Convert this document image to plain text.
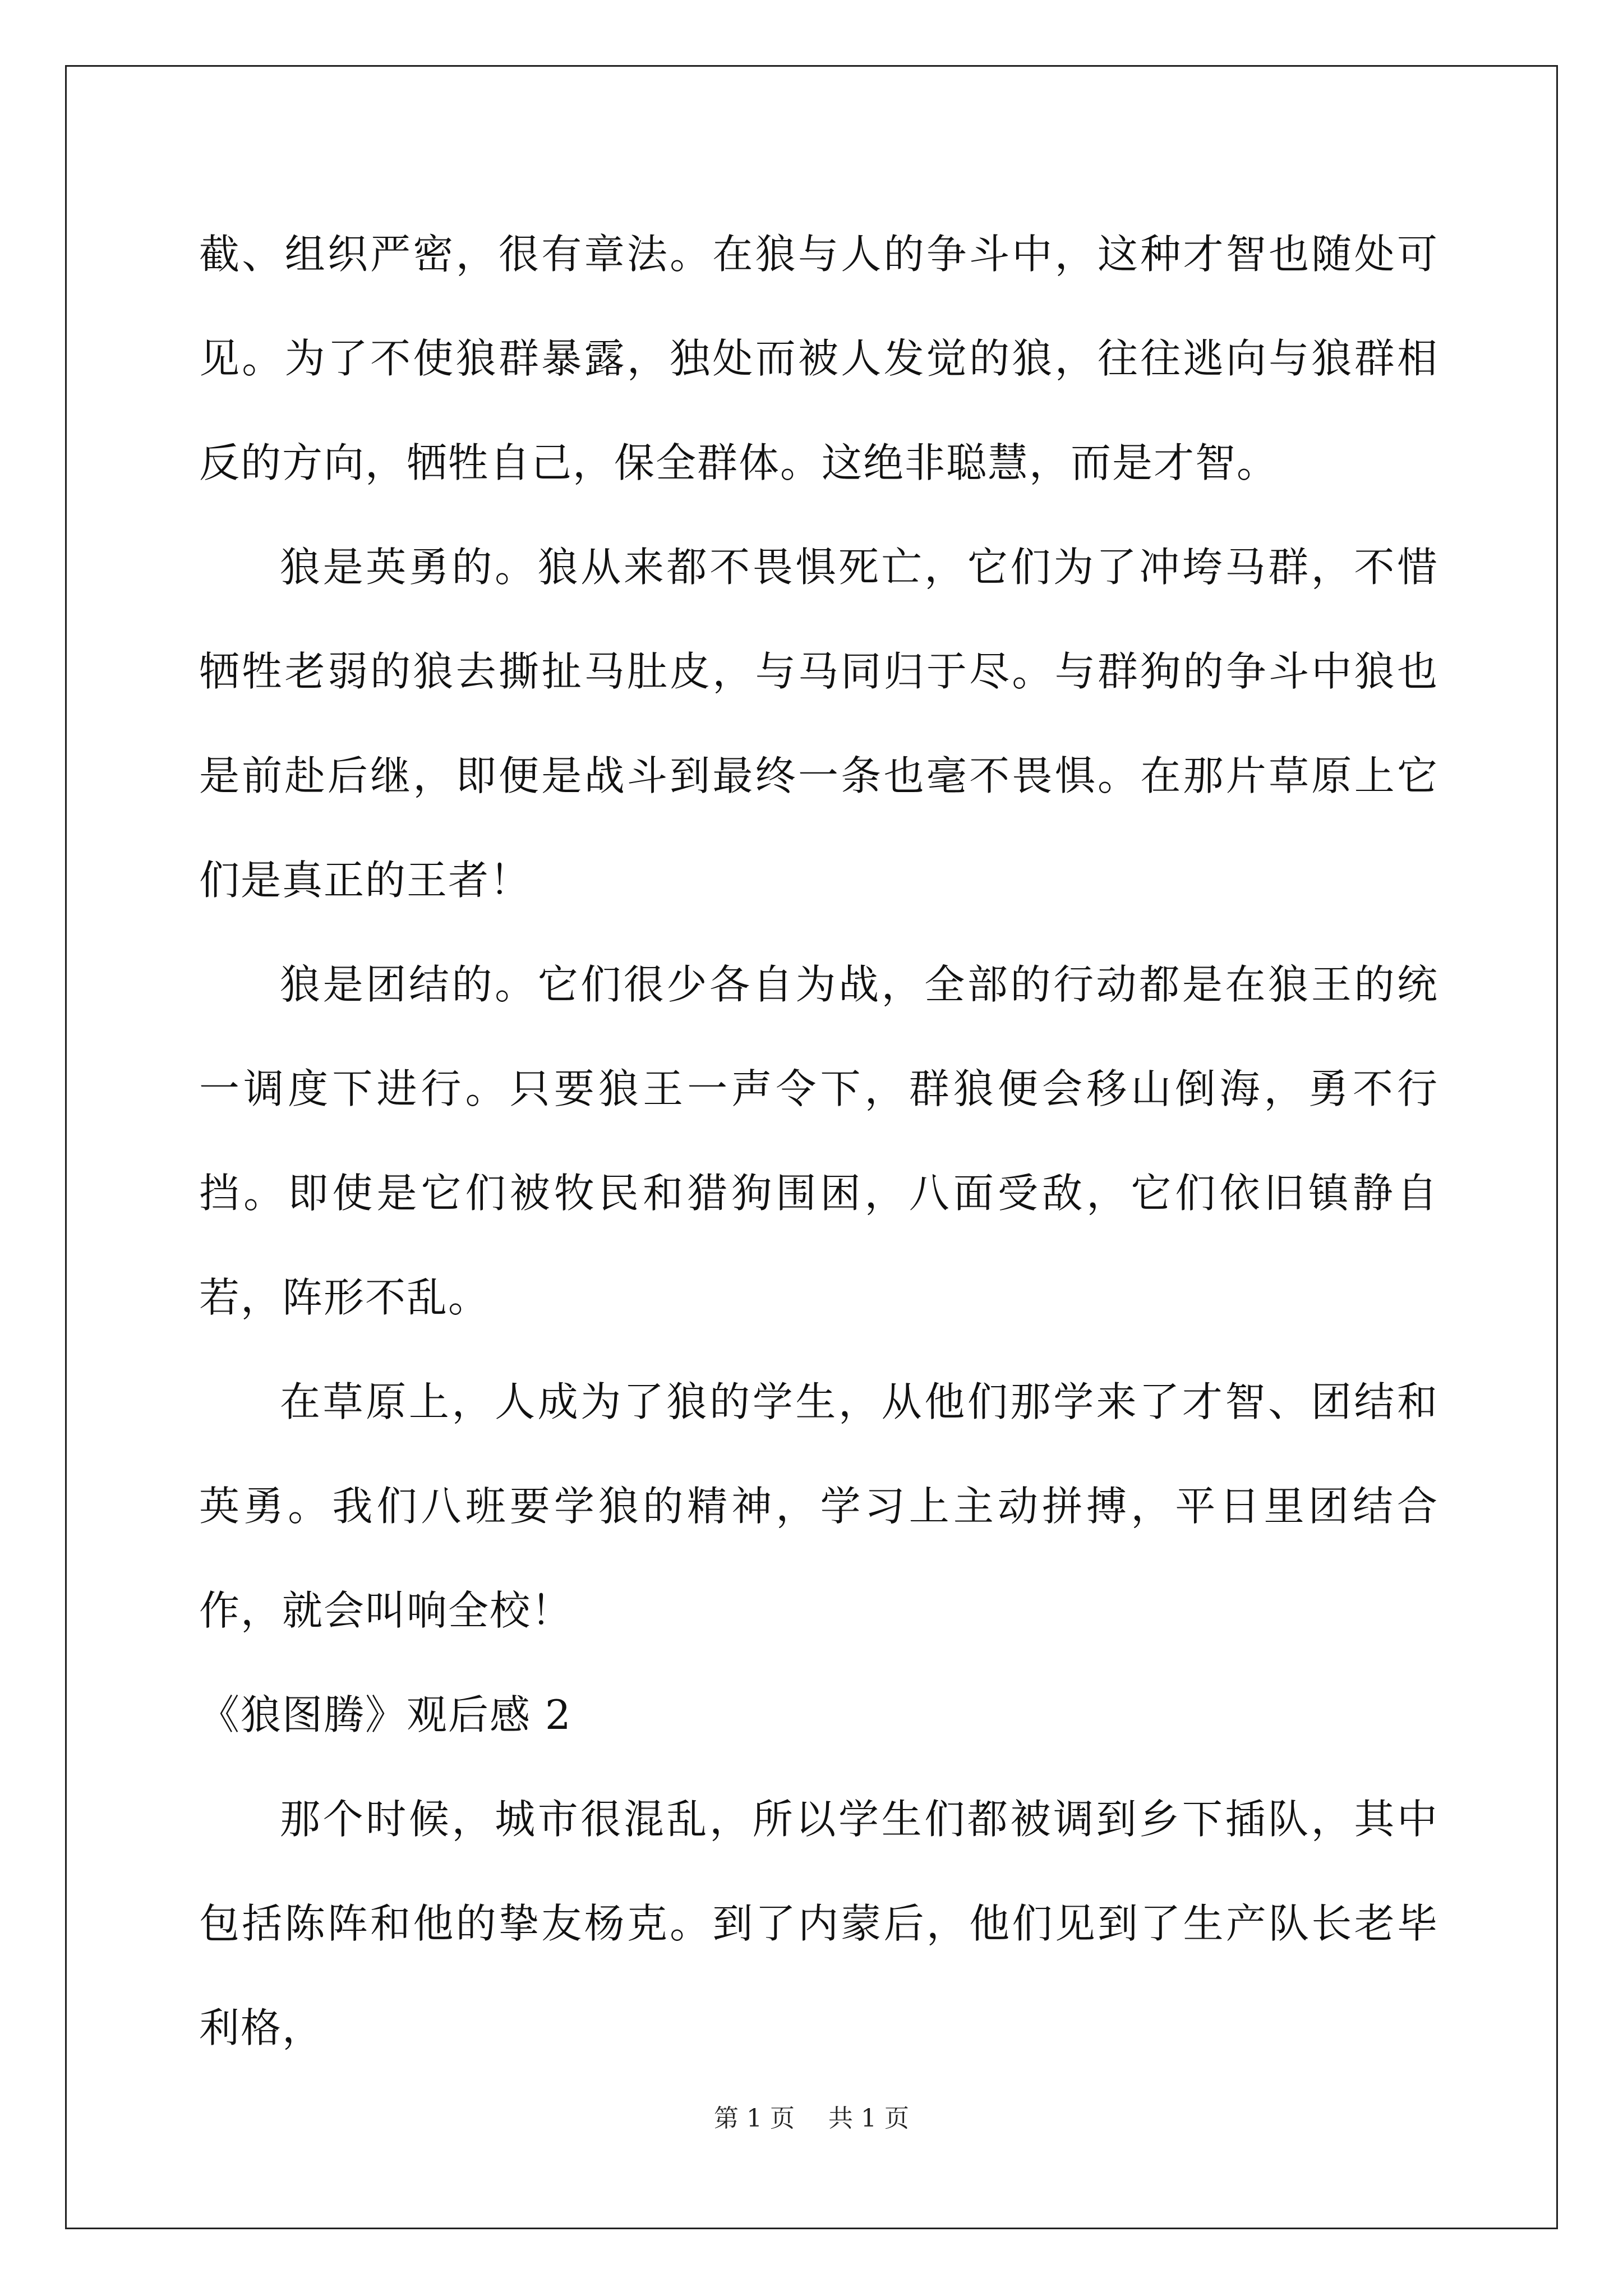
截、组织严密，很有章法。在狼与人的争斗中，这种才智也随处可见。为了不使狼群暴露，独处而被人发觉的狼，往往逃向与狼群相反的方向，牺牲自己，保全群体。这绝非聪慧，而是才智。

狼是英勇的。狼从来都不畏惧死亡，它们为了冲垮马群，不惜牺牲老弱的狼去撕扯马肚皮，与马同归于尽。与群狗的争斗中狼也是前赴后继，即便是战斗到最终一条也毫不畏惧。在那片草原上它们是真正的王者！

狼是团结的。它们很少各自为战，全部的行动都是在狼王的统一调度下进行。只要狼王一声令下，群狼便会移山倒海，勇不行挡。即使是它们被牧民和猎狗围困，八面受敌，它们依旧镇静自若，阵形不乱。

在草原上，人成为了狼的学生，从他们那学来了才智、团结和英勇。我们八班要学狼的精神，学习上主动拼搏，平日里团结合作，就会叫响全校！

《狼图腾》观后感 2

那个时候，城市很混乱，所以学生们都被调到乡下插队，其中包括陈阵和他的挚友杨克。到了内蒙后，他们见到了生产队长老毕利格，

第 1 页 共 1 页
